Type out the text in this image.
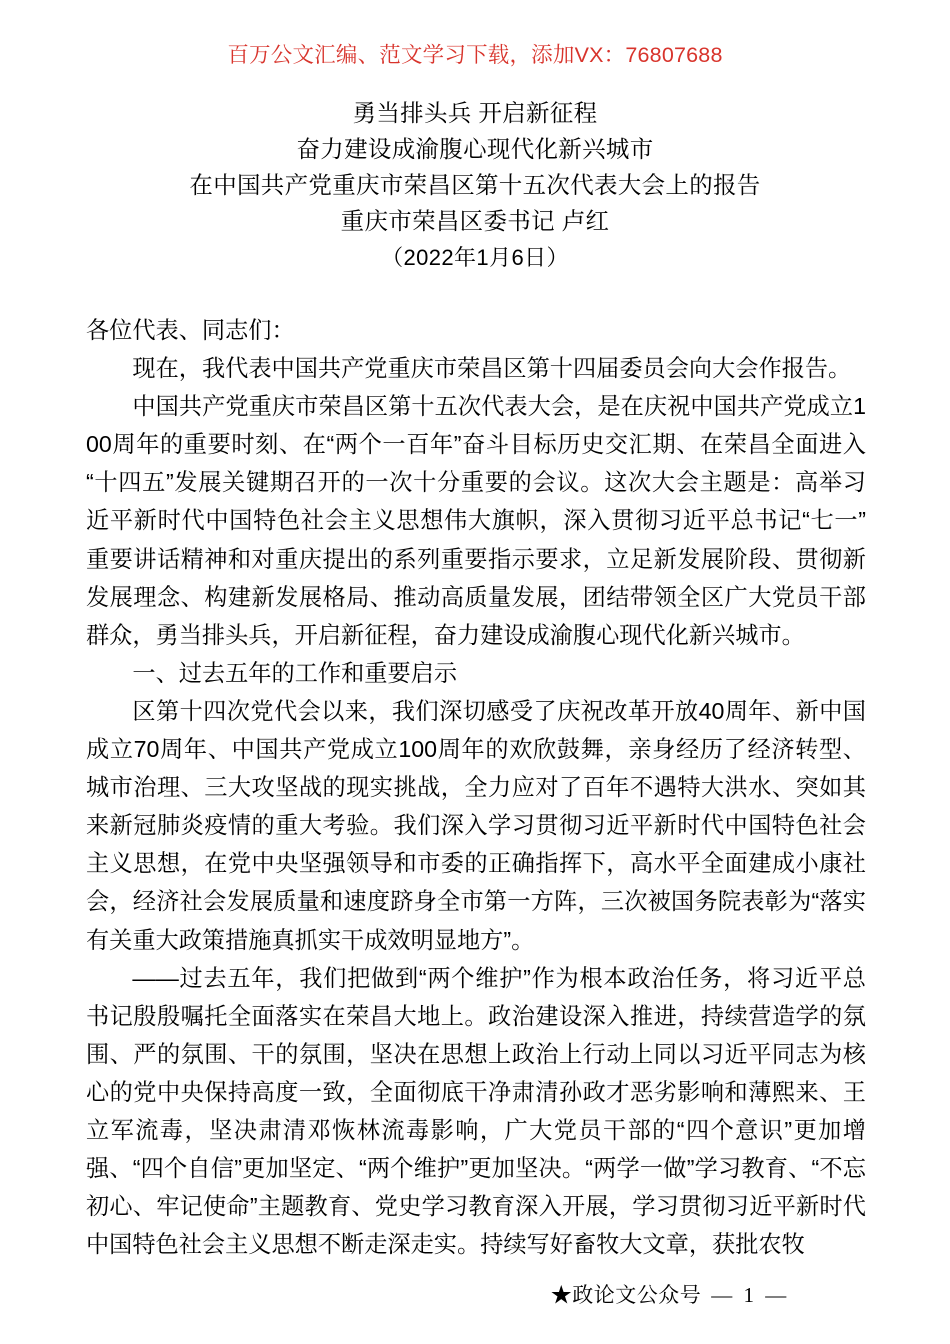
百万公文汇编、范文学习下载，添加VX：76807688
勇当排头兵 开启新征程
奋力建设成渝腹心现代化新兴城市
在中国共产党重庆市荣昌区第十五次代表大会上的报告
重庆市荣昌区委书记 卢红
（2022年1月6日）

各位代表、同志们：

现在，我代表中国共产党重庆市荣昌区第十四届委员会向大会作报告。

中国共产党重庆市荣昌区第十五次代表大会，是在庆祝中国共产党成立100周年的重要时刻、在“两个一百年”奋斗目标历史交汇期、在荣昌全面进入“十四五”发展关键期召开的一次十分重要的会议。这次大会主题是：高举习近平新时代中国特色社会主义思想伟大旗帜，深入贯彻习近平总书记“七一”重要讲话精神和对重庆提出的系列重要指示要求，立足新发展阶段、贯彻新发展理念、构建新发展格局、推动高质量发展，团结带领全区广大党员干部群众，勇当排头兵，开启新征程，奋力建设成渝腹心现代化新兴城市。

一、过去五年的工作和重要启示

区第十四次党代会以来，我们深切感受了庆祝改革开放40周年、新中国成立70周年、中国共产党成立100周年的欢欣鼓舞，亲身经历了经济转型、城市治理、三大攻坚战的现实挑战，全力应对了百年不遇特大洪水、突如其来新冠肺炎疫情的重大考验。我们深入学习贯彻习近平新时代中国特色社会主义思想，在党中央坚强领导和市委的正确指挥下，高水平全面建成小康社会，经济社会发展质量和速度跻身全市第一方阵，三次被国务院表彰为“落实有关重大政策措施真抓实干成效明显地方”。

——过去五年，我们把做到“两个维护”作为根本政治任务，将习近平总书记殷殷嘱托全面落实在荣昌大地上。政治建设深入推进，持续营造学的氛围、严的氛围、干的氛围，坚决在思想上政治上行动上同以习近平同志为核心的党中央保持高度一致，全面彻底干净肃清孙政才恶劣影响和薄熙来、王立军流毒，坚决肃清邓恢林流毒影响，广大党员干部的“四个意识”更加增强、“四个自信”更加坚定、“两个维护”更加坚决。“两学一做”学习教育、“不忘初心、牢记使命”主题教育、党史学习教育深入开展，学习贯彻习近平新时代中国特色社会主义思想不断走深走实。持续写好畜牧大文章，获批农牧

★政论文公众号 — 1 —
